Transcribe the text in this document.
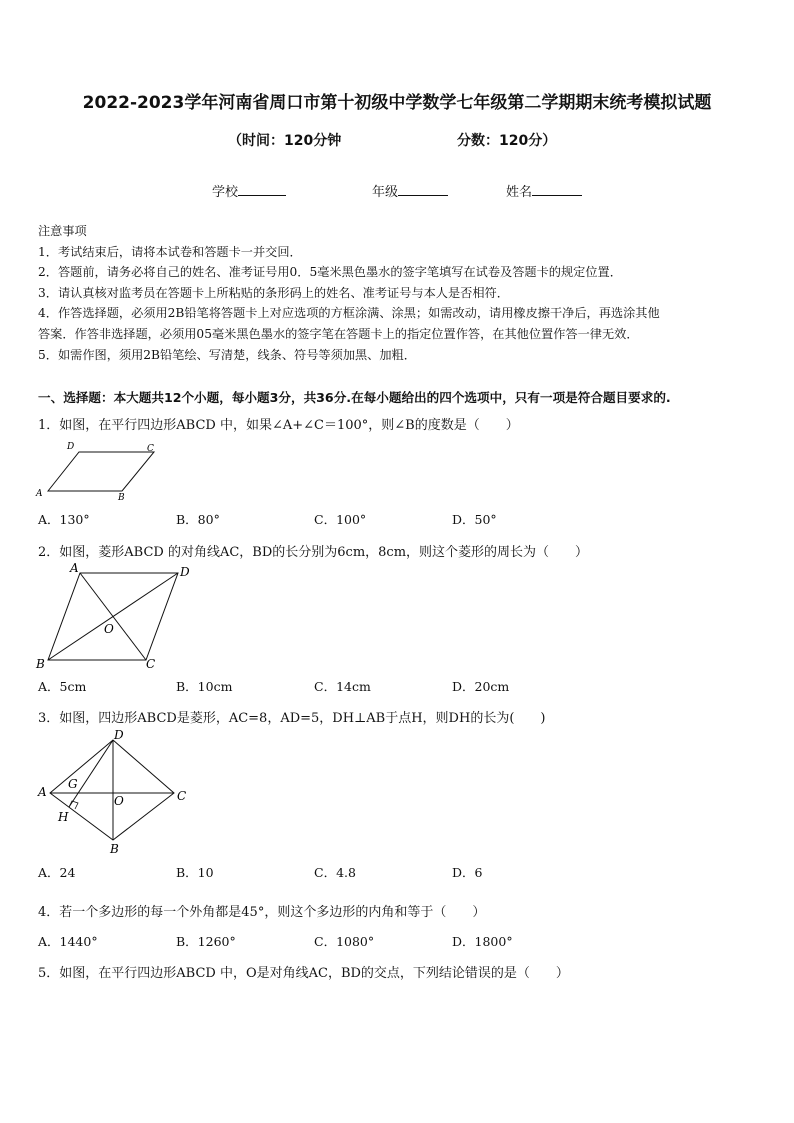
2022-2023学年河南省周口市第十初级中学数学七年级第二学期期末统考模拟试题
（时间：120分钟	分数：120分）
学校	年级	姓名
注意事项
1．考试结束后，请将本试卷和答题卡一并交回．
2．答题前，请务必将自己的姓名、准考证号用0．5毫米黑色墨水的签字笔填写在试卷及答题卡的规定位置．
3．请认真核对监考员在答题卡上所粘贴的条形码上的姓名、准考证号与本人是否相符．
4．作答选择题，必须用2B铅笔将答题卡上对应选项的方框涂满、涂黑；如需改动，请用橡皮擦干净后，再选涂其他
答案．作答非选择题，必须用05毫米黑色墨水的签字笔在答题卡上的指定位置作答，在其他位置作答一律无效．
5．如需作图，须用2B铅笔绘、写清楚，线条、符号等须加黑、加粗．
一、选择题：本大题共12个小题，每小题3分，共36分.在每小题给出的四个选项中，只有一项是符合题目要求的.
1．如图，在平行四边形ABCD 中，如果∠A+∠C＝100°，则∠B的度数是（　　）
A	B
C
D
A．130°	B．80°	C．100°	D．50°
2．如图，菱形ABCD 的对角线AC，BD的长分别为6cm，8cm，则这个菱形的周长为（　　）
A
B	C
D
O
A．5cm	B．10cm	C．14cm	D．20cm
3．如图，四边形ABCD是菱形，AC=8，AD=5，DH⊥AB于点H，则DH的长为(　　)
A
B
C
D
O
G
H
A．24	B．10	C．4.8	D．6
4．若一个多边形的每一个外角都是45°，则这个多边形的内角和等于（　　）
A．1440°	B．1260°	C．1080°	D．1800°
5．如图，在平行四边形ABCD 中，O是对角线AC，BD的交点，下列结论错误的是（　　）
